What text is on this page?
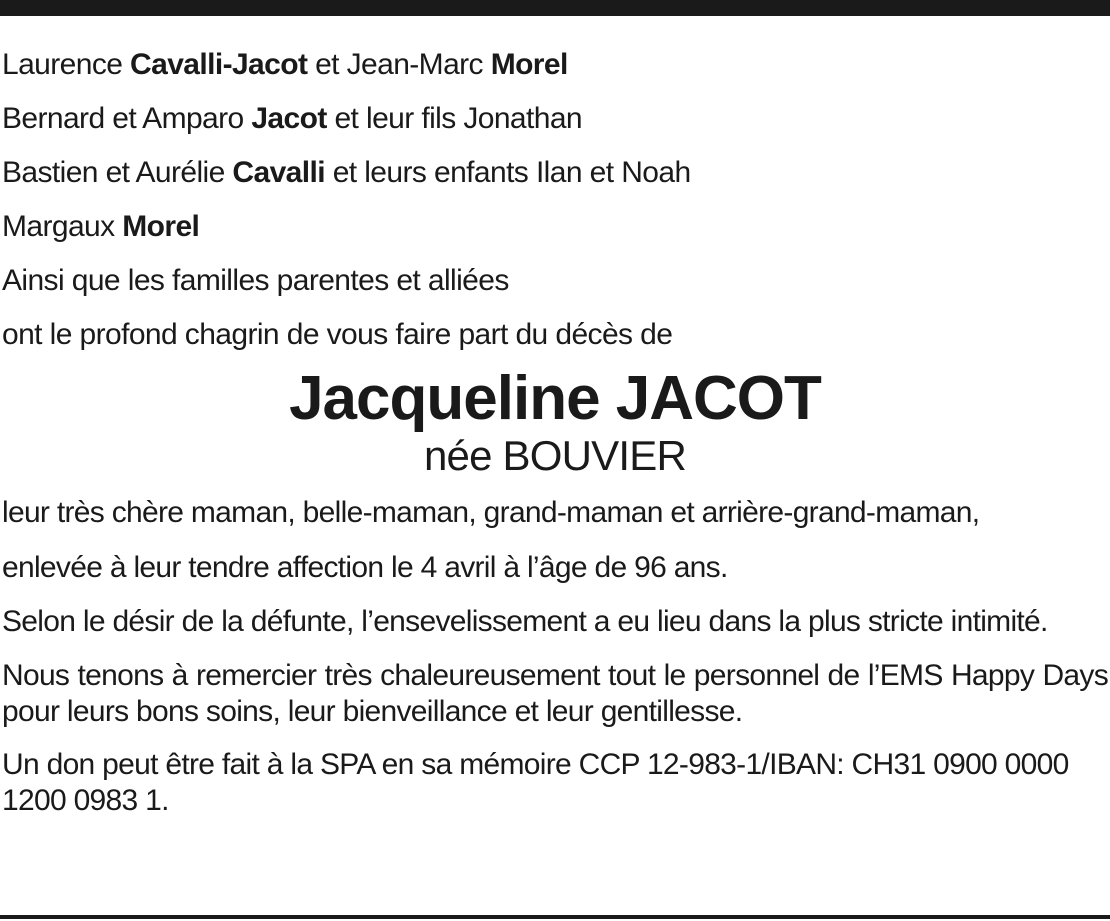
Laurence Cavalli-Jacot et Jean-Marc Morel
Bernard et Amparo Jacot et leur fils Jonathan
Bastien et Aurélie Cavalli et leurs enfants Ilan et Noah
Margaux Morel
Ainsi que les familles parentes et alliées
ont le profond chagrin de vous faire part du décès de
Jacqueline JACOT
née BOUVIER
leur très chère maman, belle-maman, grand-maman et arrière-grand-maman,
enlevée à leur tendre affection le 4 avril à l’âge de 96 ans.
Selon le désir de la défunte, l’ensevelissement a eu lieu dans la plus stricte intimité.
Nous tenons à remercier très chaleureusement tout le personnel de l’EMS Happy Days pour leurs bons soins, leur bienveillance et leur gentillesse.
Un don peut être fait à la SPA en sa mémoire CCP 12-983-1/IBAN: CH31 0900 0000 1200 0983 1.
